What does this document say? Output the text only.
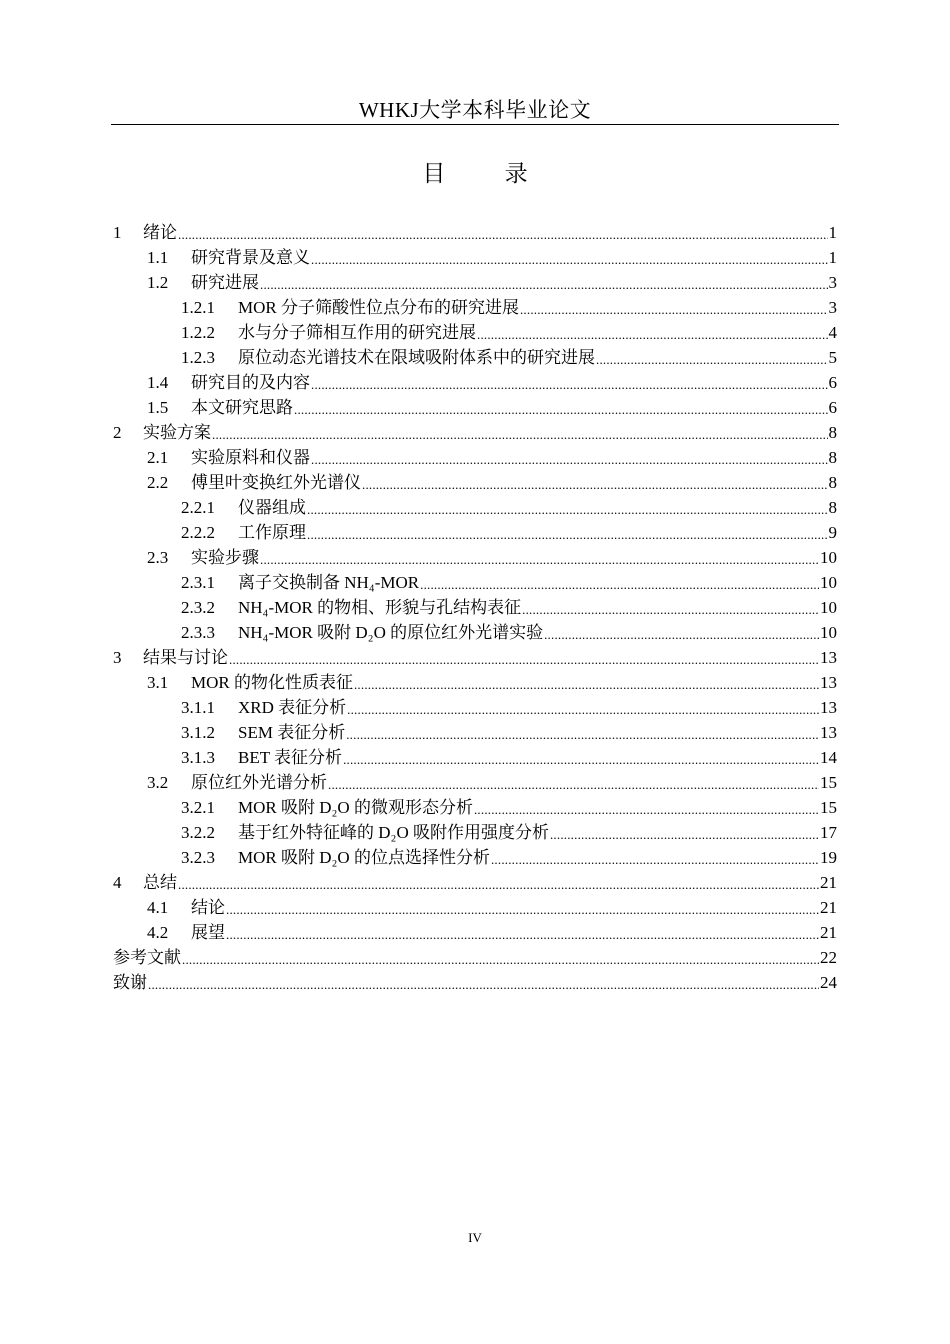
WHKJ大学本科毕业论文
目 录
1	绪论 .....	1
1.1	研究背景及意义 .....	1
1.2	研究进展 .....	3
1.2.1	MOR 分子筛酸性位点分布的研究进展 .....	3
1.2.2	水与分子筛相互作用的研究进展 .....	4
1.2.3	原位动态光谱技术在限域吸附体系中的研究进展 .....	5
1.4	研究目的及内容 .....	6
1.5	本文研究思路 .....	6
2	实验方案 .....	8
2.1	实验原料和仪器 .....	8
2.2	傅里叶变换红外光谱仪 .....	8
2.2.1	仪器组成 .....	8
2.2.2	工作原理 .....	9
2.3	实验步骤 .....	10
2.3.1	离子交换制备 NH₄-MOR .....	10
2.3.2	NH₄-MOR 的物相、形貌与孔结构表征 .....	10
2.3.3	NH₄-MOR 吸附 D₂O 的原位红外光谱实验 .....	10
3	结果与讨论 .....	13
3.1	MOR 的物化性质表征 .....	13
3.1.1	XRD 表征分析 .....	13
3.1.2	SEM 表征分析 .....	13
3.1.3	BET 表征分析 .....	14
3.2	原位红外光谱分析 .....	15
3.2.1	MOR 吸附 D₂O 的微观形态分析 .....	15
3.2.2	基于红外特征峰的 D₂O 吸附作用强度分析 .....	17
3.2.3	MOR 吸附 D₂O 的位点选择性分析 .....	19
4	总结 .....	21
4.1	结论 .....	21
4.2	展望 .....	21
参考文献 .....	22
致谢 .....	24
IV
